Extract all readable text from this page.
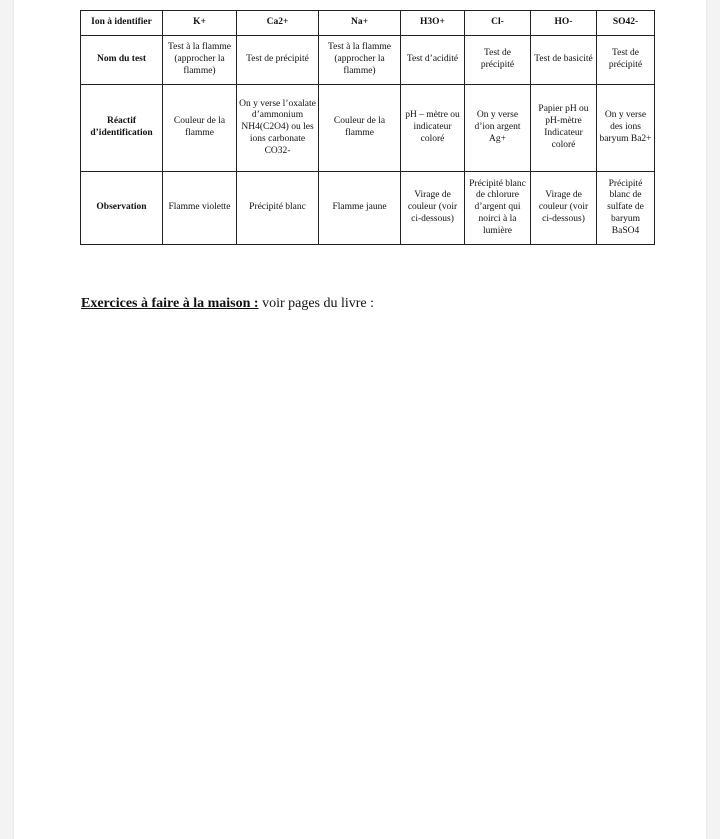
Ion à identifier	K+	Ca2+	Na+	H3O+	Cl-	HO-	SO42-
Nom du test	Test à la flamme (approcher la flamme)	Test de précipité	Test à la flamme (approcher la flamme)	Test d’acidité	Test de précipité	Test de basicité	Test de précipité
Réactif d’identification	Couleur de la flamme	On y verse l’oxalate d’ammonium NH4(C2O4) ou les ions carbonate CO32-	Couleur de la flamme	pH – mètre ou indicateur coloré	On y verse d’ion argent Ag+	Papier pH ou pH-mètre Indicateur coloré	On y verse des ions baryum Ba2+
Observation	Flamme violette	Précipité blanc	Flamme jaune	Virage de couleur (voir ci-dessous)	Précipité blanc de chlorure d’argent qui noirci à la lumière	Virage de couleur (voir ci-dessous)	Précipité blanc de sulfate de baryum BaSO4
Exercices à faire à la maison : voir pages du livre :
